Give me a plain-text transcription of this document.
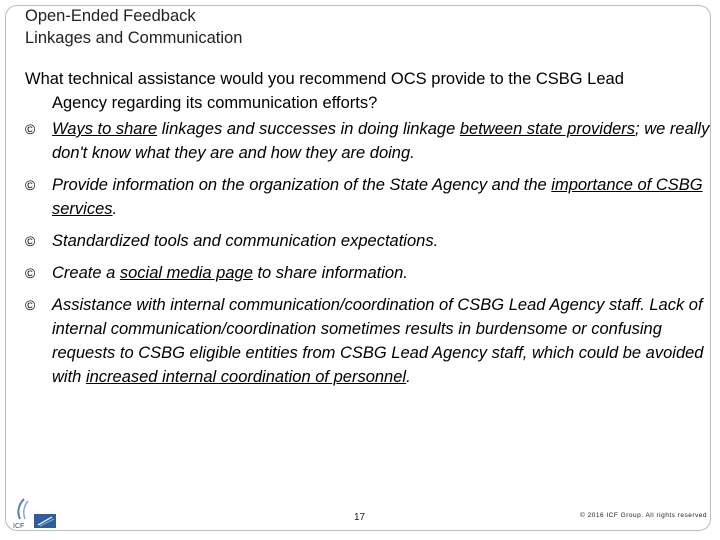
Open-Ended Feedback
Linkages and Communication
What technical assistance would you recommend OCS provide to the CSBG Lead
Agency regarding its communication efforts?
© Ways to share linkages and successes in doing linkage between state providers; we really don't know what they are and how they are doing.
© Provide information on the organization of the State Agency and the importance of CSBG services.
© Standardized tools and communication expectations.
© Create a social media page to share information.
© Assistance with internal communication/coordination of CSBG Lead Agency staff. Lack of internal communication/coordination sometimes results in burdensome or confusing requests to CSBG eligible entities from CSBG Lead Agency staff, which could be avoided with increased internal coordination of personnel.
ICF
17	© 2016 ICF Group. All rights reserved
